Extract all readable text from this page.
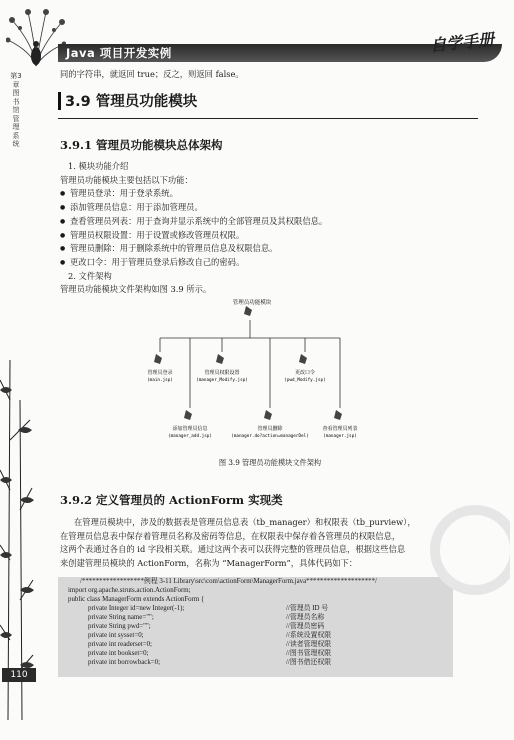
Java 项目开发实例	自学手册
第3章 图书馆管理系统
110
同的字符串，就返回 true；反之，则返回 false。
3.9 管理员功能模块
3.9.1 管理员功能模块总体架构
1. 模块功能介绍
管理员功能模块主要包括以下功能：
● 管理员登录：用于登录系统。
● 添加管理员信息：用于添加管理员。
● 查看管理员列表：用于查询并显示系统中的全部管理员及其权限信息。
● 管理员权限设置：用于设置或修改管理员权限。
● 管理员删除：用于删除系统中的管理员信息及权限信息。
● 更改口令：用于管理员登录后修改自己的密码。
2. 文件架构
管理员功能模块文件架构如图 3.9 所示。
管理员功能模块
管理员登录
(main.jsp)
管理员权限设置
(manager_Modify.jsp)
更改口令
(pwd_Modify.jsp)
添加管理员信息
(manager_add.jsp)
管理员删除
(manager.do?action=managerDel)
查看管理员列表
(manager.jsp)
图 3.9 管理员功能模块文件架构
3.9.2 定义管理员的 ActionForm 实现类
在管理员模块中，涉及的数据表是管理员信息表（tb_manager）和权限表（tb_purview），
在管理员信息表中保存着管理员名称及密码等信息，在权限表中保存着各管理员的权限信息，
这两个表通过各自的 id 字段相关联。通过这两个表可以获得完整的管理员信息，根据这些信息
来创建管理员模块的 ActionForm，名称为 “ManagerForm”，具体代码如下：
/******************例程 3-11 Library\src\com\actionForm\ManagerForm.java********************/
import org.apache.struts.action.ActionForm;
public class ManagerForm extends ActionForm {
private Integer id=new Integer(-1);	//管理员 ID 号
private String name="";	//管理员名称
private String pwd="";	//管理员密码
private int sysset=0;	//系统设置权限
private int readerset=0;	//读者管理权限
private int bookset=0;	//图书管理权限
private int borrowback=0;	//图书借还权限
